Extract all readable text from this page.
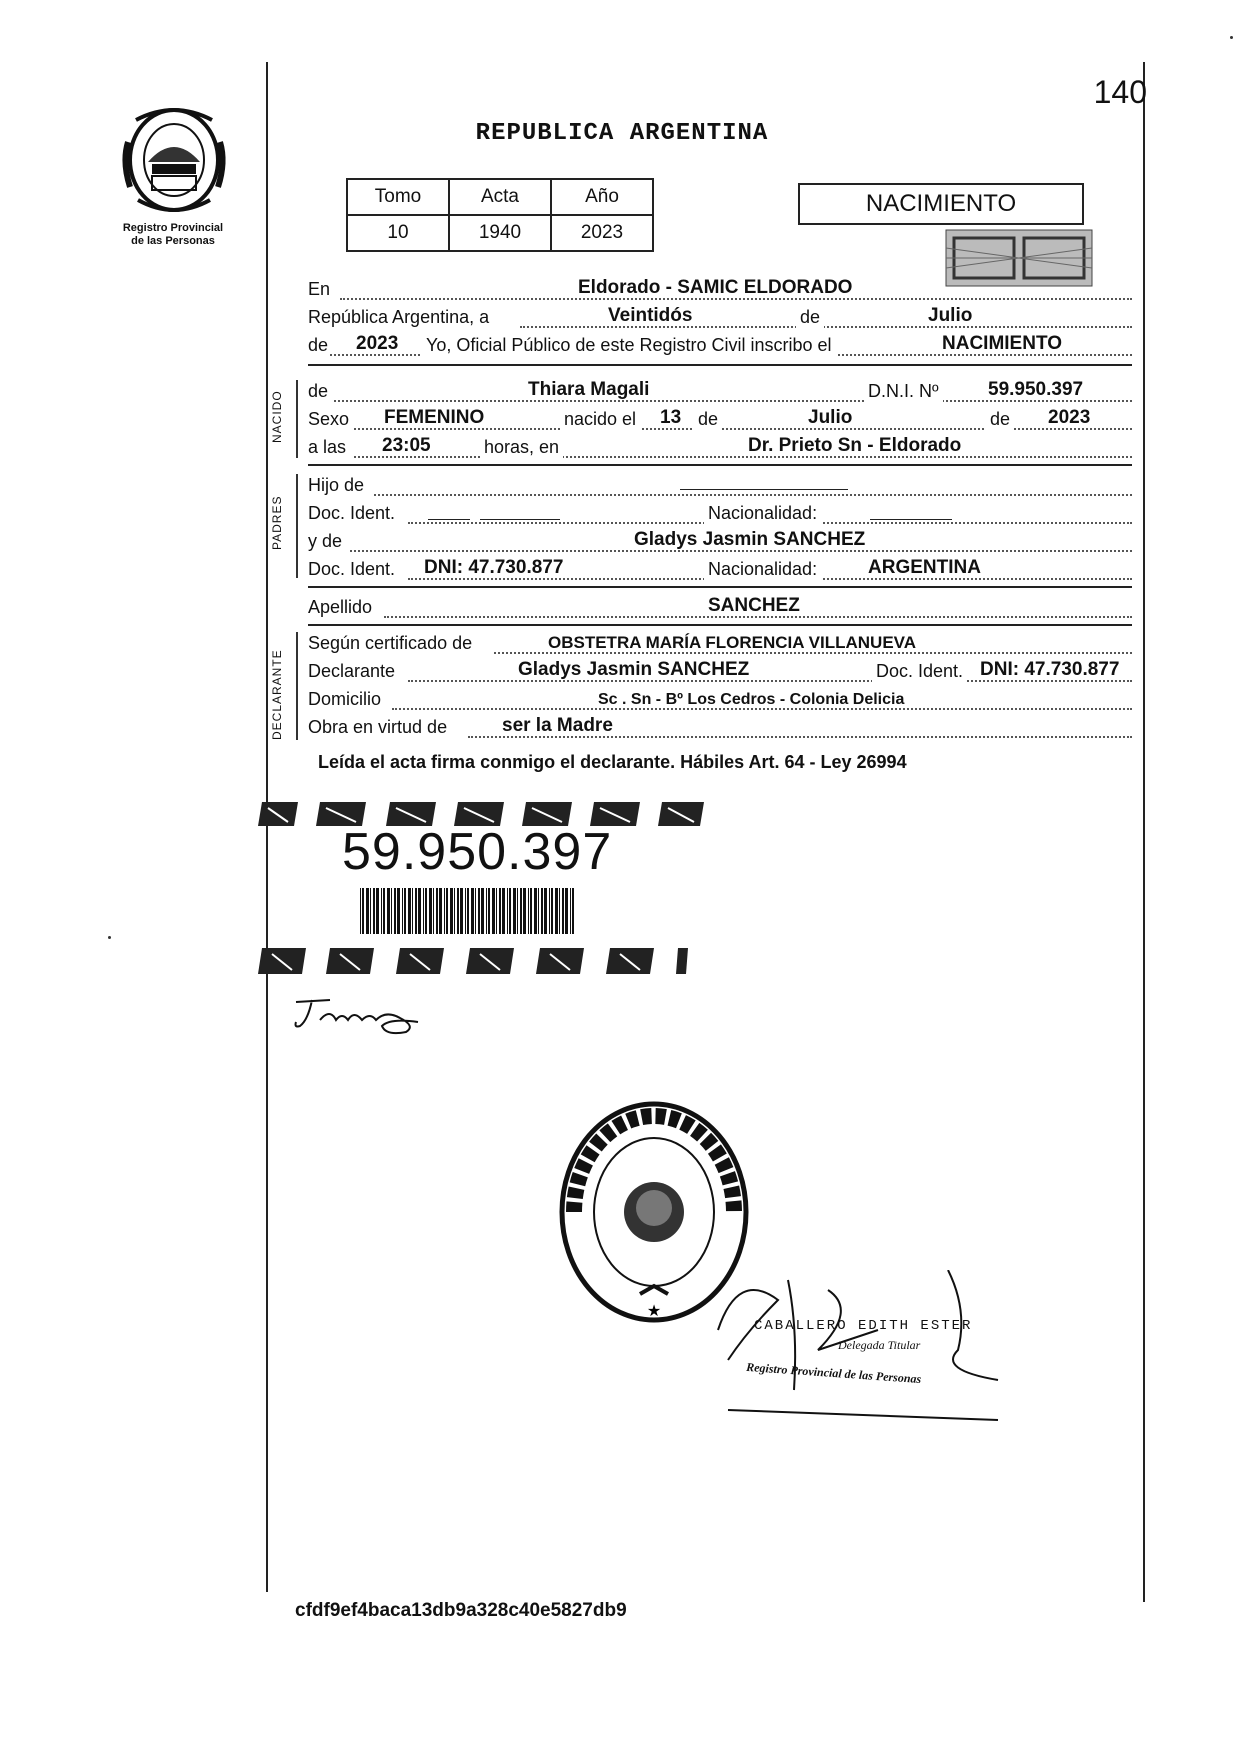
Registro Provincial
de las Personas
140
REPUBLICA ARGENTINA
Tomo	Acta	Año
10	1940	2023
NACIMIENTO
En	Eldorado - SAMIC ELDORADO
República Argentina, a	Veintidós	de	Julio
de 2023 Yo, Oficial Público de este Registro Civil inscribo el	NACIMIENTO
NACIDO de	Thiara Magali	D.N.I. Nº	59.950.397
Sexo FEMENINO	nacido el 13 de	Julio	de 2023
a las 23:05	horas, en	Dr. Prieto Sn - Eldorado
PADRES
Hijo de
Doc. Ident.	Nacionalidad:
y de	Gladys Jasmin SANCHEZ
Doc. Ident. DNI: 47.730.877	Nacionalidad:	ARGENTINA
Apellido	SANCHEZ
DECLARANTE
Según certificado de	OBSTETRA MARÍA FLORENCIA VILLANUEVA
Declarante	Gladys Jasmin SANCHEZ	Doc. Ident. DNI: 47.730.877
Domicilio	Sc . Sn - Bº Los Cedros - Colonia Delicia
Obra en virtud de	ser la Madre
Leída el acta firma conmigo el declarante. Hábiles Art. 64 - Ley 26994
59.950.397
★
CABALLERO EDITH ESTER
Delegada Titular
Registro Provincial de las Personas
cfdf9ef4baca13db9a328c40e5827db9
